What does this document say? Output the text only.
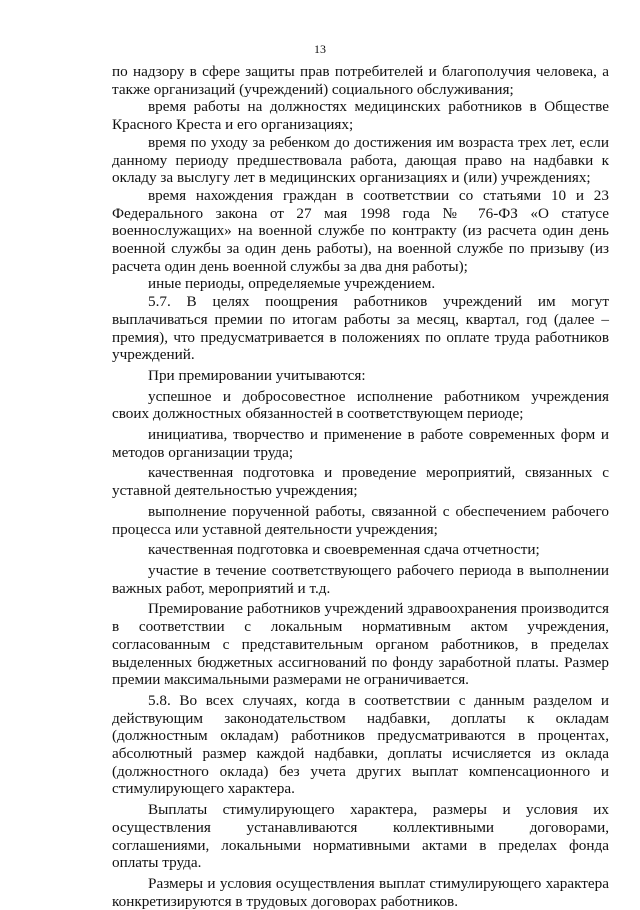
13

по надзору в сфере защиты прав потребителей и благополучия человека, а также организаций (учреждений) социального обслуживания;

время работы на должностях медицинских работников в Обществе Красного Креста и его организациях;

время по уходу за ребенком до достижения им возраста трех лет, если данному периоду предшествовала работа, дающая право на надбавки к окладу за выслугу лет в медицинских организациях и (или) учреждениях;

время нахождения граждан в соответствии со статьями 10 и 23 Федерального закона от 27 мая 1998 года № 76-ФЗ «О статусе военнослужащих» на военной службе по контракту (из расчета один день военной службы за один день работы), на военной службе по призыву (из расчета один день военной службы за два дня работы);

иные периоды, определяемые учреждением.

5.7. В целях поощрения работников учреждений им могут выплачиваться премии по итогам работы за месяц, квартал, год (далее – премия), что предусматривается в положениях по оплате труда работников учреждений.

При премировании учитываются:

успешное и добросовестное исполнение работником учреждения своих должностных обязанностей в соответствующем периоде;

инициатива, творчество и применение в работе современных форм и методов организации труда;

качественная подготовка и проведение мероприятий, связанных с уставной деятельностью учреждения;

выполнение порученной работы, связанной с обеспечением рабочего процесса или уставной деятельности учреждения;

качественная подготовка и своевременная сдача отчетности;

участие в течение соответствующего рабочего периода в выполнении важных работ, мероприятий и т.д.

Премирование работников учреждений здравоохранения производится в соответствии с локальным нормативным актом учреждения, согласованным с представительным органом работников, в пределах выделенных бюджетных ассигнований по фонду заработной платы. Размер премии максимальными размерами не ограничивается.

5.8. Во всех случаях, когда в соответствии с данным разделом и действующим законодательством надбавки, доплаты к окладам (должностным окладам) работников предусматриваются в процентах, абсолютный размер каждой надбавки, доплаты исчисляется из оклада (должностного оклада) без учета других выплат компенсационного и стимулирующего характера.

Выплаты стимулирующего характера, размеры и условия их осуществления устанавливаются коллективными договорами, соглашениями, локальными нормативными актами в пределах фонда оплаты труда.

Размеры и условия осуществления выплат стимулирующего характера конкретизируются в трудовых договорах работников.
